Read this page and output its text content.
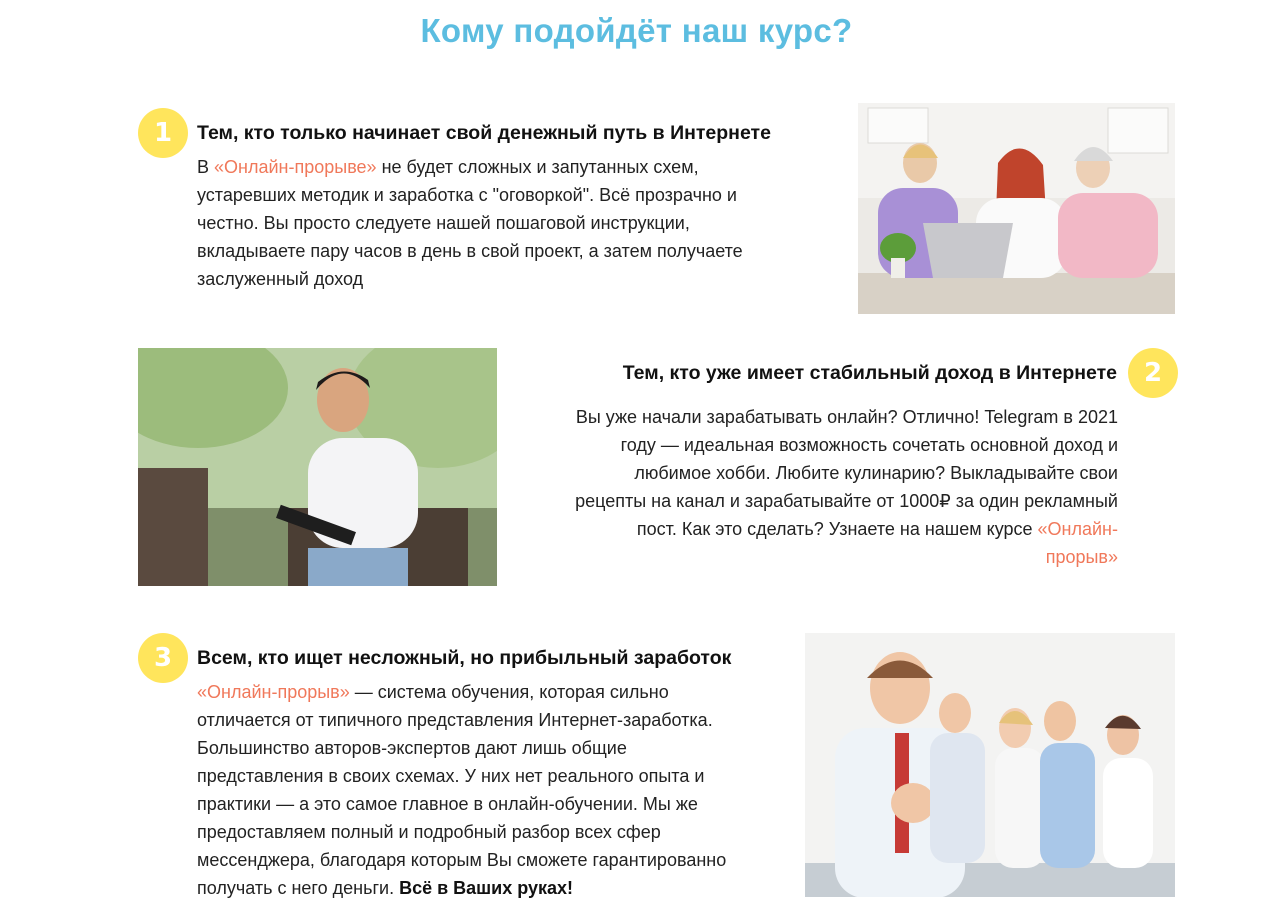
Кому подойдёт наш курс?
1	Тем, кто только начинает свой денежный путь в Интернете

В «Онлайн-прорыве» не будет сложных и запутанных схем, устаревших методик и заработка с "оговоркой". Всё прозрачно и честно. Вы просто следуете нашей пошаговой инструкции, вкладываете пару часов в день в свой проект, а затем получаете заслуженный доход

2
Тем, кто уже имеет стабильный доход в Интернете

Вы уже начали зарабатывать онлайн? Отлично! Telegram в 2021 году — идеальная возможность сочетать основной доход и любимое хобби. Любите кулинарию? Выкладывайте свои рецепты на канал и зарабатывайте от 1000₽ за один рекламный пост. Как это сделать? Узнаете на нашем курсе «Онлайн-прорыв»

3	Всем, кто ищет несложный, но прибыльный заработок

«Онлайн-прорыв» — система обучения, которая сильно отличается от типичного представления Интернет-заработка. Большинство авторов-экспертов дают лишь общие представления в своих схемах. У них нет реального опыта и практики — а это самое главное в онлайн-обучении. Мы же предоставляем полный и подробный разбор всех сфер мессенджера, благодаря которым Вы сможете гарантированно получать с него деньги. Всё в Ваших руках!
